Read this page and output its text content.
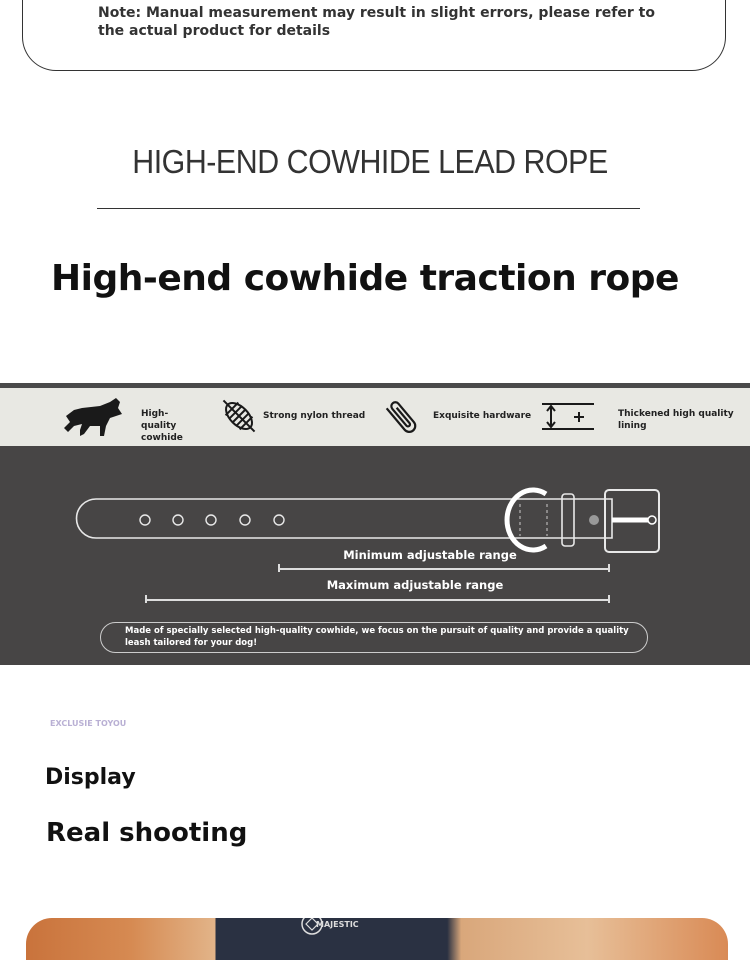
Note: Manual measurement may result in slight errors, please refer to the actual product for details
HIGH-END COWHIDE LEAD ROPE
High-end cowhide traction rope
High-quality cowhide
Strong nylon thread	Exquisite hardware	Thickened high quality lining
Minimum adjustable range
Maximum adjustable range
Made of specially selected high-quality cowhide, we focus on the pursuit of quality and provide a quality leash tailored for your dog!
EXCLUSIE TOYOU
Display
Real shooting
MAJESTIC
